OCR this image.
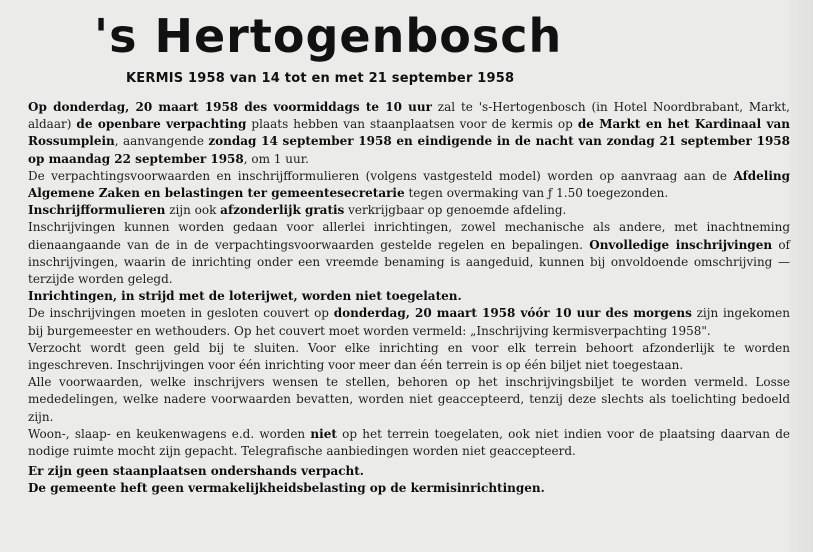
's Hertogenbosch
KERMIS 1958 van 14 tot en met 21 september 1958

Op donderdag, 20 maart 1958 des voormiddags te 10 uur zal te 's-Hertogenbosch (in Hotel Noordbrabant, Markt, aldaar) de openbare verpachting plaats hebben van staanplaatsen voor de kermis op de Markt en het Kardinaal van Rossumplein, aanvangende zondag 14 september 1958 en eindigende in de nacht van zondag 21 september 1958 op maandag 22 september 1958, om 1 uur.

De verpachtingsvoorwaarden en inschrijfformulieren (volgens vastgesteld model) worden op aanvraag aan de Afdeling Algemene Zaken en belastingen ter gemeentesecretarie tegen overmaking van ƒ 1.50 toegezonden.

Inschrijfformulieren zijn ook afzonderlijk gratis verkrijgbaar op genoemde afdeling.

Inschrijvingen kunnen worden gedaan voor allerlei inrichtingen, zowel mechanische als andere, met inachtneming dienaangaande van de in de verpachtingsvoorwaarden gestelde regelen en bepalingen. Onvolledige inschrijvingen of inschrijvingen, waarin de inrichting onder een vreemde benaming is aangeduid, kunnen bij onvoldoende omschrijving — terzijde worden gelegd.

Inrichtingen, in strijd met de loterijwet, worden niet toegelaten.

De inschrijvingen moeten in gesloten couvert op donderdag, 20 maart 1958 vóór 10 uur des morgens zijn ingekomen bij burgemeester en wethouders. Op het couvert moet worden vermeld: „Inschrijving kermisverpachting 1958".

Verzocht wordt geen geld bij te sluiten. Voor elke inrichting en voor elk terrein behoort afzonderlijk te worden ingeschreven. Inschrijvingen voor één inrichting voor meer dan één terrein is op één biljet niet toegestaan.

Alle voorwaarden, welke inschrijvers wensen te stellen, behoren op het inschrijvingsbiljet te worden vermeld. Losse mededelingen, welke nadere voorwaarden bevatten, worden niet geaccepteerd, tenzij deze slechts als toelichting bedoeld zijn.

Woon-, slaap- en keukenwagens e.d. worden niet op het terrein toegelaten, ook niet indien voor de plaatsing daarvan de nodige ruimte mocht zijn gepacht. Telegrafische aanbiedingen worden niet geaccepteerd.

Er zijn geen staanplaatsen ondershands verpacht.

De gemeente heft geen vermakelijkheidsbelasting op de kermisinrichtingen.
